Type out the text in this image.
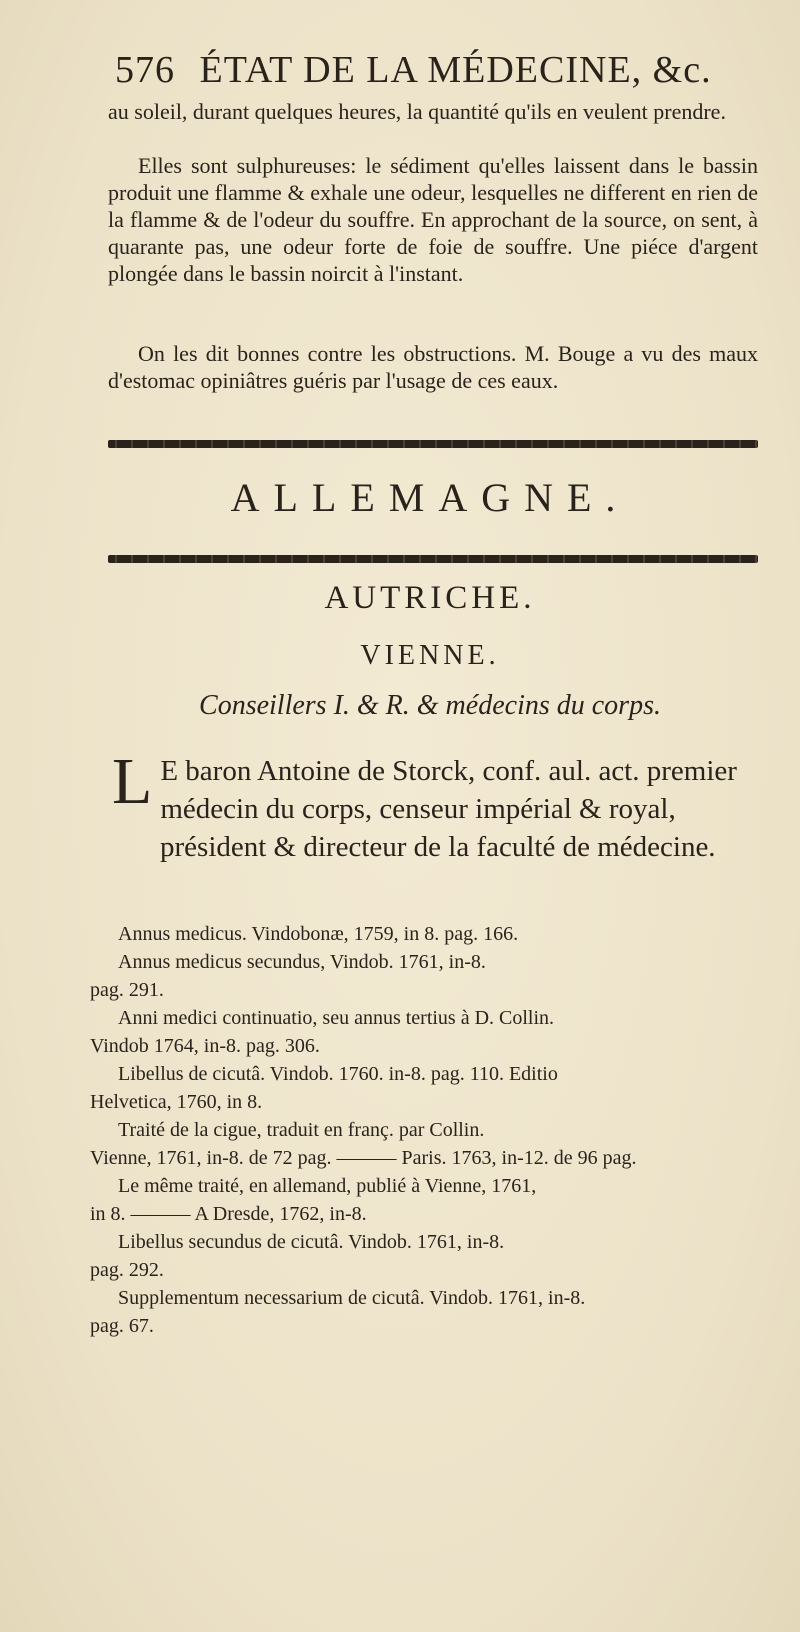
576 ÉTAT DE LA MÉDECINE, &c.
au soleil, durant quelques heures, la quantité qu'ils en veulent prendre.
Elles sont sulphureuses: le sédiment qu'elles laissent dans le bassin produit une flamme & exhale une odeur, lesquelles ne different en rien de la flamme & de l'odeur du souffre. En approchant de la source, on sent, à quarante pas, une odeur forte de foie de souffre. Une piéce d'argent plongée dans le bassin noircit à l'instant.
On les dit bonnes contre les obstructions. M. Bouge a vu des maux d'estomac opiniâtres guéris par l'usage de ces eaux.
ALLEMAGNE.
AUTRICHE.
VIENNE.
Conseillers I. & R. & médecins du corps.
L E baron Antoine de Storck, conf. aul. act. premier médecin du corps, censeur impérial & royal, président & directeur de la faculté de médecine.
Annus medicus. Vindobonæ, 1759, in 8. pag. 166.
Annus medicus secundus, Vindob. 1761, in-8.
pag. 291.
Anni medici continuatio, seu annus tertius à D. Collin.
Vindob 1764, in-8. pag. 306.
Libellus de cicutâ. Vindob. 1760. in-8. pag. 110. Editio
Helvetica, 1760, in 8.
Traité de la cigue, traduit en franç. par Collin.
Vienne, 1761, in-8. de 72 pag. ——— Paris. 1763, in-12. de 96 pag.
Le même traité, en allemand, publié à Vienne, 1761,
in 8. ——— A Dresde, 1762, in-8.
Libellus secundus de cicutâ. Vindob. 1761, in-8.
pag. 292.
Supplementum necessarium de cicutâ. Vindob. 1761, in-8.
pag. 67.
